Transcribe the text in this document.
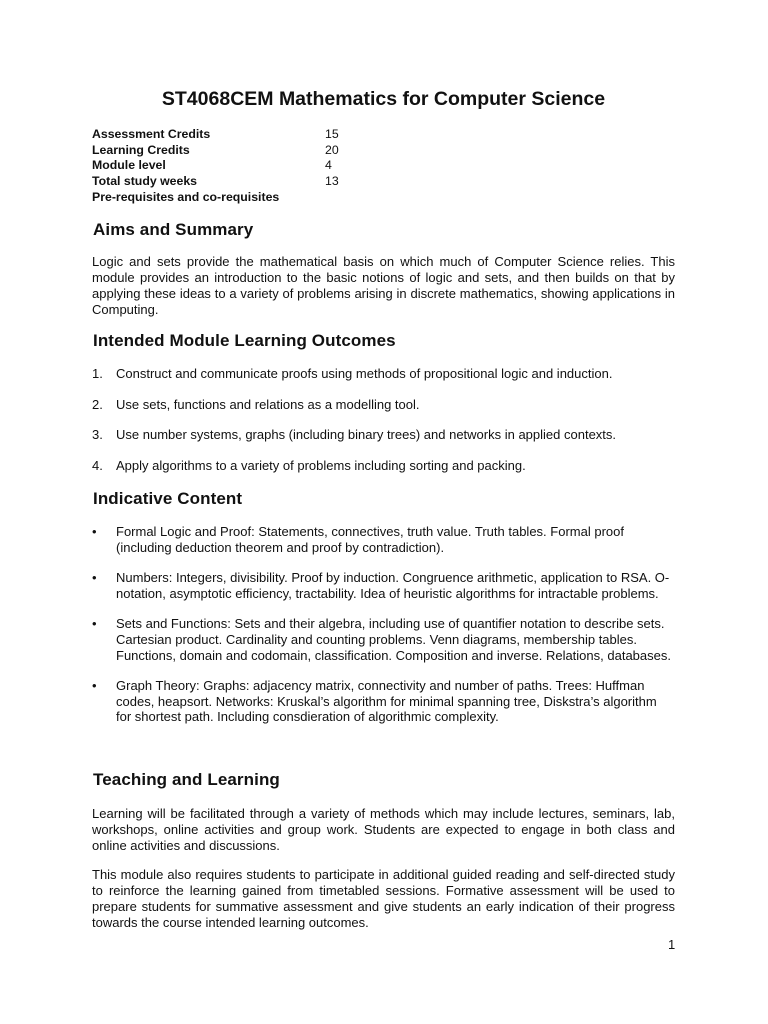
ST4068CEM Mathematics for Computer Science
Assessment Credits	15
Learning Credits	20
Module level	4
Total study weeks	13
Pre-requisites and co-requisites
Aims and Summary

Logic and sets provide the mathematical basis on which much of Computer Science relies. This module provides an introduction to the basic notions of logic and sets, and then builds on that by applying these ideas to a variety of problems arising in discrete mathematics, showing applications in Computing.

Intended Module Learning Outcomes
1.	Construct and communicate proofs using methods of propositional logic and induction.
2.	Use sets, functions and relations as a modelling tool.
3.	Use number systems, graphs (including binary trees) and networks in applied contexts.
4.	Apply algorithms to a variety of problems including sorting and packing.
Indicative Content
•	Formal Logic and Proof: Statements, connectives, truth value. Truth tables. Formal proof (including deduction theorem and proof by contradiction).
•	Numbers: Integers, divisibility. Proof by induction. Congruence arithmetic, application to RSA. O-notation, asymptotic efficiency, tractability. Idea of heuristic algorithms for intractable problems.
•	Sets and Functions: Sets and their algebra, including use of quantifier notation to describe sets. Cartesian product. Cardinality and counting problems. Venn diagrams, membership tables. Functions, domain and codomain, classification. Composition and inverse. Relations, databases.
•	Graph Theory: Graphs: adjacency matrix, connectivity and number of paths. Trees: Huffman codes, heapsort. Networks: Kruskal’s algorithm for minimal spanning tree, Diskstra’s algorithm for shortest path. Including consdieration of algorithmic complexity.
Teaching and Learning

Learning will be facilitated through a variety of methods which may include lectures, seminars, lab, workshops, online activities and group work. Students are expected to engage in both class and online activities and discussions.

This module also requires students to participate in additional guided reading and self-directed study to reinforce the learning gained from timetabled sessions. Formative assessment will be used to prepare students for summative assessment and give students an early indication of their progress towards the course intended learning outcomes.

1
